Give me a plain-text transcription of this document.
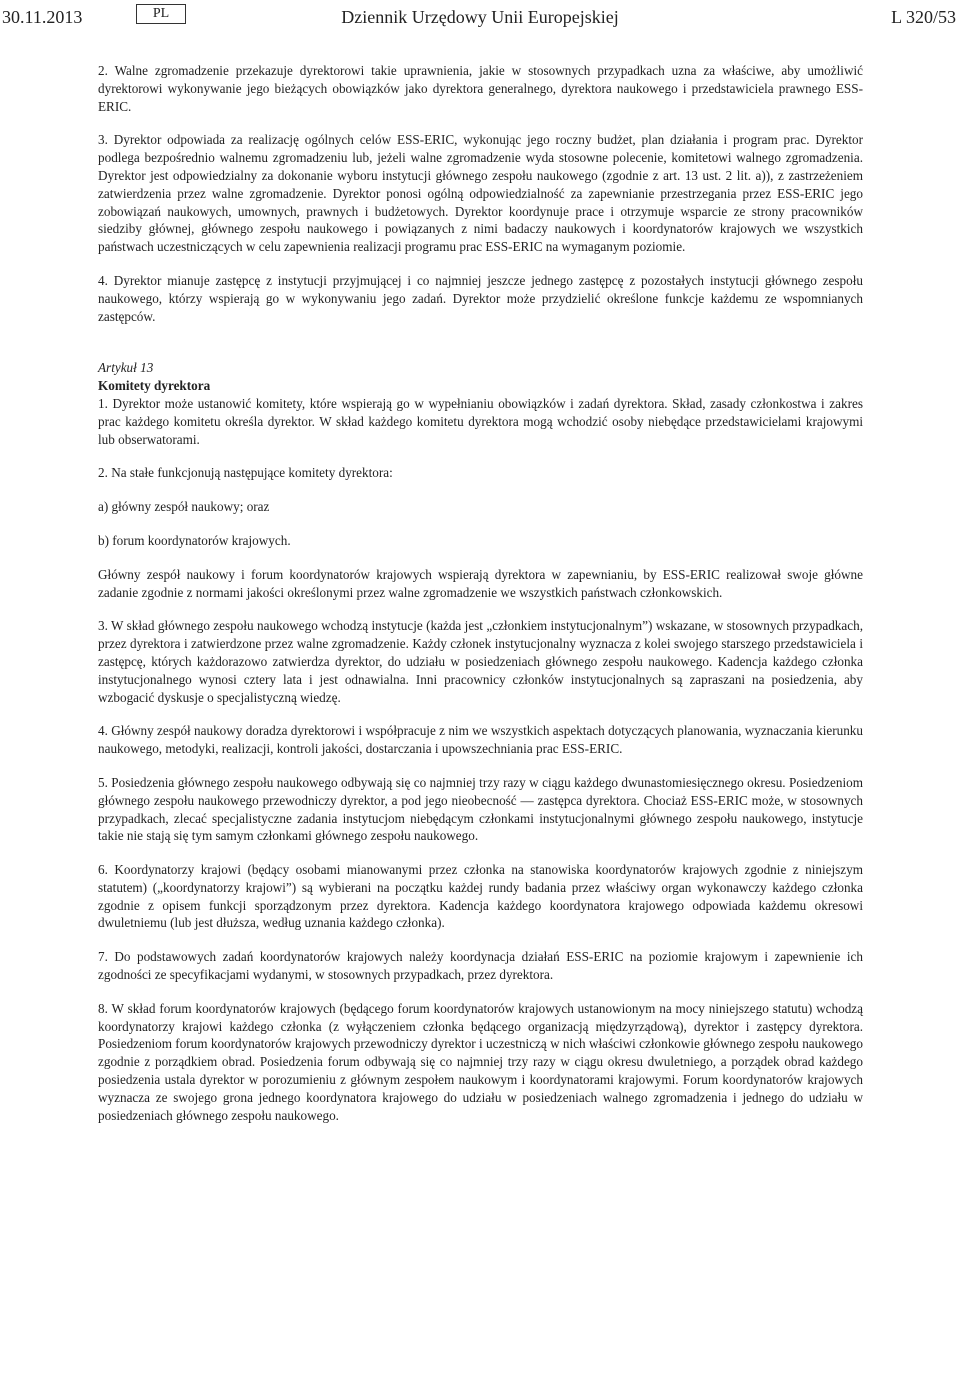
30.11.2013	PL	Dziennik Urzędowy Unii Europejskiej	L 320/53

2. Walne zgromadzenie przekazuje dyrektorowi takie uprawnienia, jakie w stosownych przypadkach uzna za właściwe, aby umożliwić dyrektorowi wykonywanie jego bieżących obowiązków jako dyrektora generalnego, dyrektora naukowego i przedstawiciela prawnego ESS-ERIC.

3. Dyrektor odpowiada za realizację ogólnych celów ESS-ERIC, wykonując jego roczny budżet, plan działania i program prac. Dyrektor podlega bezpośrednio walnemu zgromadzeniu lub, jeżeli walne zgromadzenie wyda stosowne polecenie, komitetowi walnego zgromadzenia. Dyrektor jest odpowiedzialny za dokonanie wyboru instytucji głównego zespołu naukowego (zgodnie z art. 13 ust. 2 lit. a)), z zastrzeżeniem zatwierdzenia przez walne zgromadzenie. Dyrektor ponosi ogólną odpowiedzialność za zapewnianie przestrzegania przez ESS-ERIC jego zobowiązań naukowych, umownych, prawnych i budżetowych. Dyrektor koordynuje prace i otrzymuje wsparcie ze strony pracowników siedziby głównej, głównego zespołu naukowego i powiązanych z nimi badaczy naukowych i koordynatorów krajowych we wszystkich państwach uczestniczących w celu zapewnienia realizacji programu prac ESS-ERIC na wymaganym poziomie.

4. Dyrektor mianuje zastępcę z instytucji przyjmującej i co najmniej jeszcze jednego zastępcę z pozostałych instytucji głównego zespołu naukowego, którzy wspierają go w wykonywaniu jego zadań. Dyrektor może przydzielić określone funkcje każdemu ze wspomnianych zastępców.

Artykuł 13

Komitety dyrektora

1. Dyrektor może ustanowić komitety, które wspierają go w wypełnianiu obowiązków i zadań dyrektora. Skład, zasady członkostwa i zakres prac każdego komitetu określa dyrektor. W skład każdego komitetu dyrektora mogą wchodzić osoby niebędące przedstawicielami krajowymi lub obserwatorami.

2. Na stałe funkcjonują następujące komitety dyrektora:

a) główny zespół naukowy; oraz

b) forum koordynatorów krajowych.

Główny zespół naukowy i forum koordynatorów krajowych wspierają dyrektora w zapewnianiu, by ESS-ERIC realizował swoje główne zadanie zgodnie z normami jakości określonymi przez walne zgromadzenie we wszystkich państwach członkowskich.

3. W skład głównego zespołu naukowego wchodzą instytucje (każda jest „członkiem instytucjonalnym”) wskazane, w stosownych przypadkach, przez dyrektora i zatwierdzone przez walne zgromadzenie. Każdy członek instytucjonalny wyznacza z kolei swojego starszego przedstawiciela i zastępcę, których każdorazowo zatwierdza dyrektor, do udziału w posiedzeniach głównego zespołu naukowego. Kadencja każdego członka instytucjonalnego wynosi cztery lata i jest odnawialna. Inni pracownicy członków instytucjonalnych są zapraszani na posiedzenia, aby wzbogacić dyskusje o specjalistyczną wiedzę.

4. Główny zespół naukowy doradza dyrektorowi i współpracuje z nim we wszystkich aspektach dotyczących planowania, wyznaczania kierunku naukowego, metodyki, realizacji, kontroli jakości, dostarczania i upowszechniania prac ESS-ERIC.

5. Posiedzenia głównego zespołu naukowego odbywają się co najmniej trzy razy w ciągu każdego dwunastomiesięcznego okresu. Posiedzeniom głównego zespołu naukowego przewodniczy dyrektor, a pod jego nieobecność — zastępca dyrektora. Chociaż ESS-ERIC może, w stosownych przypadkach, zlecać specjalistyczne zadania instytucjom niebędącym członkami instytucjonalnymi głównego zespołu naukowego, instytucje takie nie stają się tym samym członkami głównego zespołu naukowego.

6. Koordynatorzy krajowi (będący osobami mianowanymi przez członka na stanowiska koordynatorów krajowych zgodnie z niniejszym statutem) („koordynatorzy krajowi”) są wybierani na początku każdej rundy badania przez właściwy organ wykonawczy każdego członka zgodnie z opisem funkcji sporządzonym przez dyrektora. Kadencja każdego koordynatora krajowego odpowiada każdemu okresowi dwuletniemu (lub jest dłuższa, według uznania każdego członka).

7. Do podstawowych zadań koordynatorów krajowych należy koordynacja działań ESS-ERIC na poziomie krajowym i zapewnienie ich zgodności ze specyfikacjami wydanymi, w stosownych przypadkach, przez dyrektora.

8. W skład forum koordynatorów krajowych (będącego forum koordynatorów krajowych ustanowionym na mocy niniejszego statutu) wchodzą koordynatorzy krajowi każdego członka (z wyłączeniem członka będącego organizacją międzyrządową), dyrektor i zastępcy dyrektora. Posiedzeniom forum koordynatorów krajowych przewodniczy dyrektor i uczestniczą w nich właściwi członkowie głównego zespołu naukowego zgodnie z porządkiem obrad. Posiedzenia forum odbywają się co najmniej trzy razy w ciągu okresu dwuletniego, a porządek obrad każdego posiedzenia ustala dyrektor w porozumieniu z głównym zespołem naukowym i koordynatorami krajowymi. Forum koordynatorów krajowych wyznacza ze swojego grona jednego koordynatora krajowego do udziału w posiedzeniach walnego zgromadzenia i jednego do udziału w posiedzeniach głównego zespołu naukowego.
